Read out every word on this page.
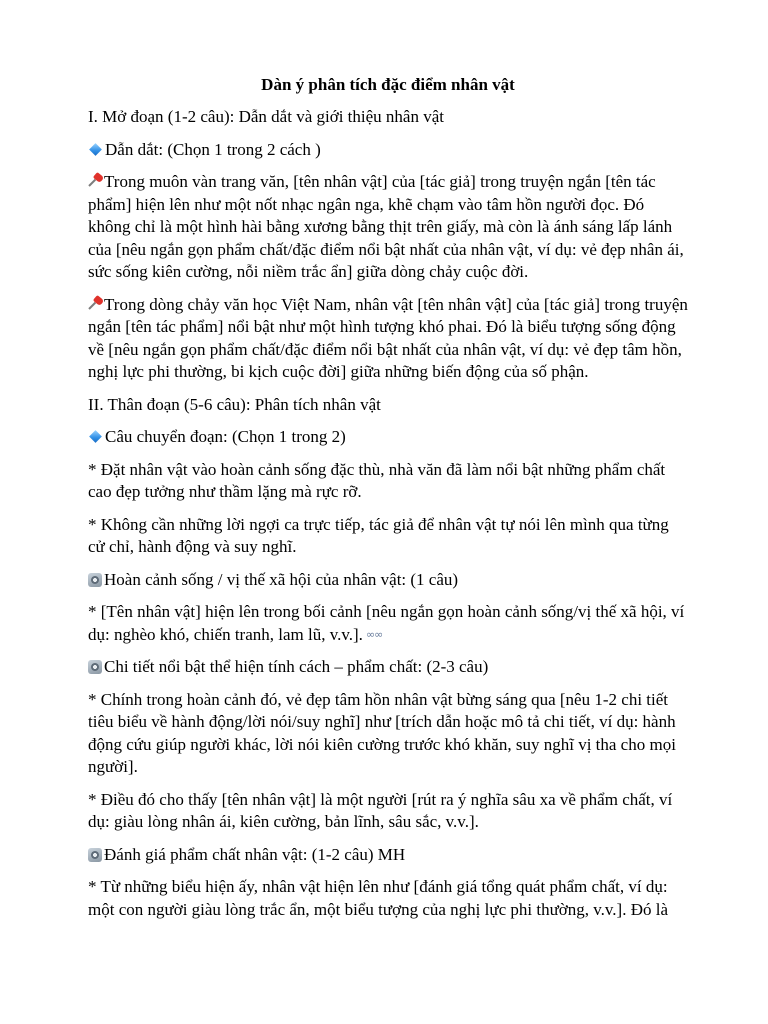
Dàn ý phân tích đặc điểm nhân vật

I. Mở đoạn (1-2 câu): Dẫn dắt và giới thiệu nhân vật

Dẫn dắt: (Chọn 1 trong 2 cách )

Trong muôn vàn trang văn, [tên nhân vật] của [tác giả] trong truyện ngắn [tên tác phẩm] hiện lên như một nốt nhạc ngân nga, khẽ chạm vào tâm hồn người đọc. Đó không chỉ là một hình hài bằng xương bằng thịt trên giấy, mà còn là ánh sáng lấp lánh của [nêu ngắn gọn phẩm chất/đặc điểm nổi bật nhất của nhân vật, ví dụ: vẻ đẹp nhân ái, sức sống kiên cường, nỗi niềm trắc ẩn] giữa dòng chảy cuộc đời.

Trong dòng chảy văn học Việt Nam, nhân vật [tên nhân vật] của [tác giả] trong truyện ngắn [tên tác phẩm] nổi bật như một hình tượng khó phai. Đó là biểu tượng sống động về [nêu ngắn gọn phẩm chất/đặc điểm nổi bật nhất của nhân vật, ví dụ: vẻ đẹp tâm hồn, nghị lực phi thường, bi kịch cuộc đời] giữa những biến động của số phận.

II. Thân đoạn (5-6 câu): Phân tích nhân vật

Câu chuyển đoạn: (Chọn 1 trong 2)

* Đặt nhân vật vào hoàn cảnh sống đặc thù, nhà văn đã làm nổi bật những phẩm chất cao đẹp tưởng như thầm lặng mà rực rỡ.

* Không cần những lời ngợi ca trực tiếp, tác giả để nhân vật tự nói lên mình qua từng cử chỉ, hành động và suy nghĩ.

Hoàn cảnh sống / vị thế xã hội của nhân vật: (1 câu)

* [Tên nhân vật] hiện lên trong bối cảnh [nêu ngắn gọn hoàn cảnh sống/vị thế xã hội, ví dụ: nghèo khó, chiến tranh, lam lũ, v.v.]. ∞∞

Chi tiết nổi bật thể hiện tính cách – phẩm chất: (2-3 câu)

* Chính trong hoàn cảnh đó, vẻ đẹp tâm hồn nhân vật bừng sáng qua [nêu 1-2 chi tiết tiêu biểu về hành động/lời nói/suy nghĩ] như [trích dẫn hoặc mô tả chi tiết, ví dụ: hành động cứu giúp người khác, lời nói kiên cường trước khó khăn, suy nghĩ vị tha cho mọi người].

* Điều đó cho thấy [tên nhân vật] là một người [rút ra ý nghĩa sâu xa về phẩm chất, ví dụ: giàu lòng nhân ái, kiên cường, bản lĩnh, sâu sắc, v.v.].

Đánh giá phẩm chất nhân vật: (1-2 câu) MH

* Từ những biểu hiện ấy, nhân vật hiện lên như [đánh giá tổng quát phẩm chất, ví dụ: một con người giàu lòng trắc ẩn, một biểu tượng của nghị lực phi thường, v.v.]. Đó là
